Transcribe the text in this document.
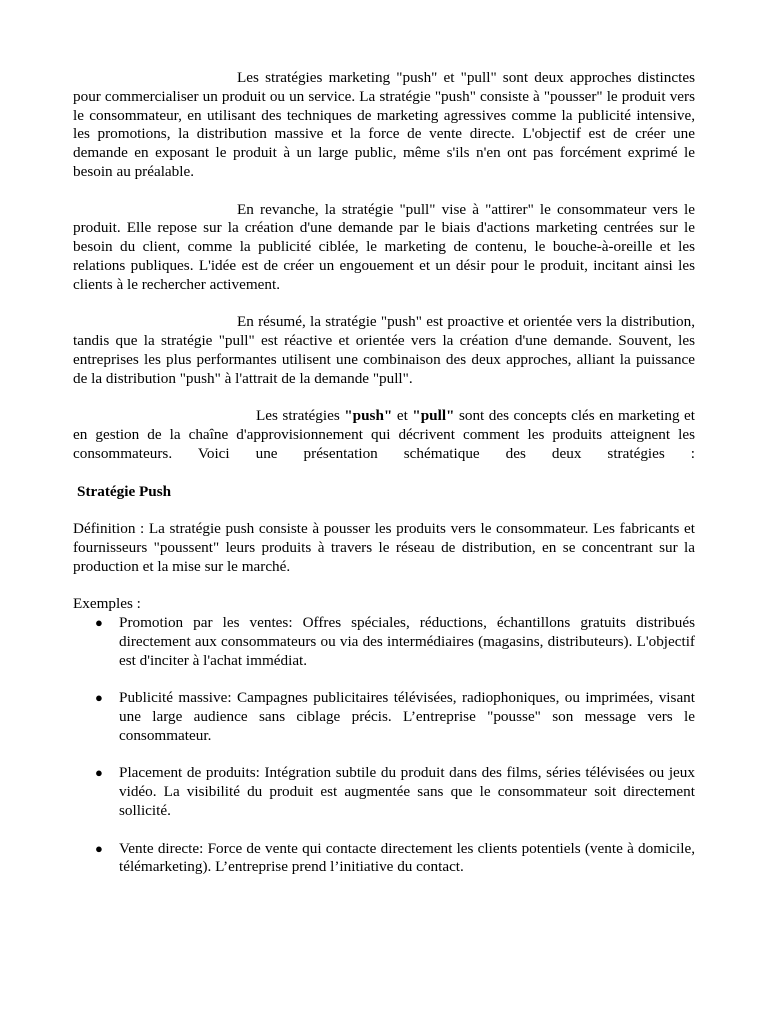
Les stratégies marketing "push" et "pull" sont deux approches distinctes pour commercialiser un produit ou un service. La stratégie "push" consiste à "pousser" le produit vers le consommateur, en utilisant des techniques de marketing agressives comme la publicité intensive, les promotions, la distribution massive et la force de vente directe. L'objectif est de créer une demande en exposant le produit à un large public, même s'ils n'en ont pas forcément exprimé le besoin au préalable.

En revanche, la stratégie "pull" vise à "attirer" le consommateur vers le produit. Elle repose sur la création d'une demande par le biais d'actions marketing centrées sur le besoin du client, comme la publicité ciblée, le marketing de contenu, le bouche-à-oreille et les relations publiques. L'idée est de créer un engouement et un désir pour le produit, incitant ainsi les clients à le rechercher activement.

En résumé, la stratégie "push" est proactive et orientée vers la distribution, tandis que la stratégie "pull" est réactive et orientée vers la création d'une demande. Souvent, les entreprises les plus performantes utilisent une combinaison des deux approches, alliant la puissance de la distribution "push" à l'attrait de la demande "pull".

Les stratégies "push" et "pull" sont des concepts clés en marketing et en gestion de la chaîne d'approvisionnement qui décrivent comment les produits atteignent les consommateurs. Voici une présentation schématique des deux stratégies :

Stratégie Push

Définition : La stratégie push consiste à pousser les produits vers le consommateur. Les fabricants et fournisseurs "poussent" leurs produits à travers le réseau de distribution, en se concentrant sur la production et la mise sur le marché.

Exemples :

● Promotion par les ventes: Offres spéciales, réductions, échantillons gratuits distribués directement aux consommateurs ou via des intermédiaires (magasins, distributeurs). L'objectif est d'inciter à l'achat immédiat.
● Publicité massive: Campagnes publicitaires télévisées, radiophoniques, ou imprimées, visant une large audience sans ciblage précis. L’entreprise "pousse" son message vers le consommateur.
● Placement de produits: Intégration subtile du produit dans des films, séries télévisées ou jeux vidéo. La visibilité du produit est augmentée sans que le consommateur soit directement sollicité.
● Vente directe: Force de vente qui contacte directement les clients potentiels (vente à domicile, télémarketing). L’entreprise prend l’initiative du contact.
